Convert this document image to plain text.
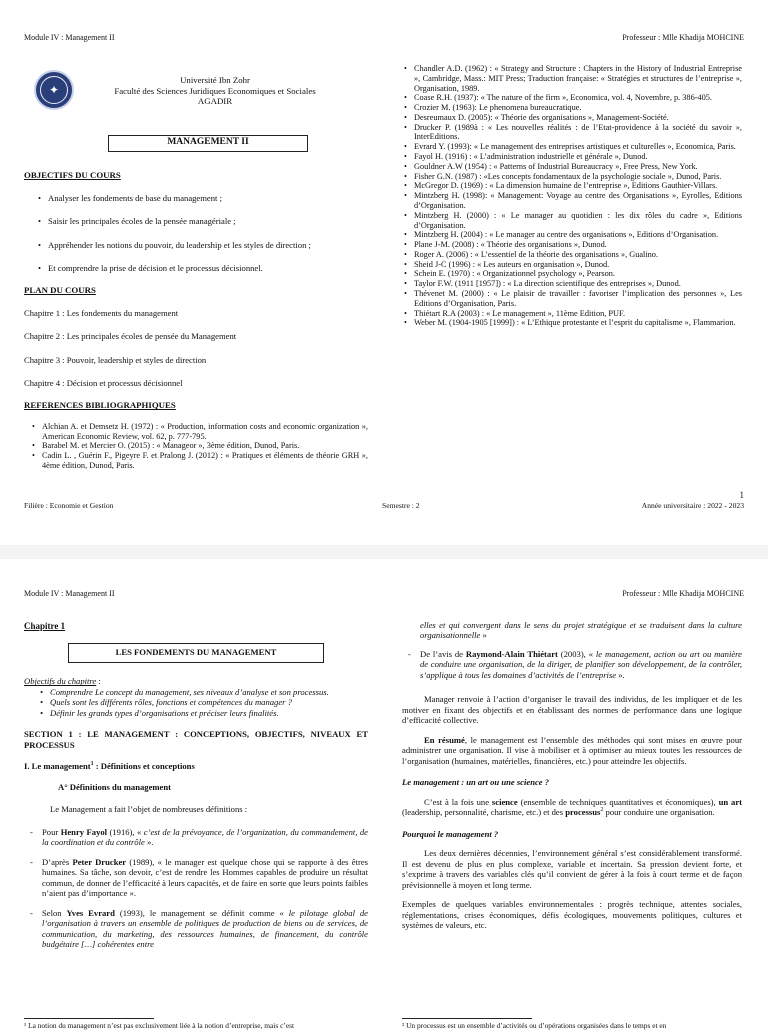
Module IV : Management II	Professeur : Mlle Khadija MOHCINE
✦
Université Ibn Zohr
Faculté des Sciences Juridiques Economiques et Sociales
AGADIR
MANAGEMENT II
OBJECTIFS DU COURS
• Analyser les fondements de base du management ;
• Saisir les principales écoles de la pensée managériale ;
• Appréhender les notions du pouvoir, du leadership et les styles de direction ;
• Et comprendre la prise de décision et le processus décisionnel.
PLAN DU COURS
Chapitre 1 : Les fondements du management
Chapitre 2 : Les principales écoles de pensée du Management
Chapitre 3 : Pouvoir, leadership et styles de direction
Chapitre 4 : Décision et processus décisionnel
REFERENCES BIBLIOGRAPHIQUES
• Alchian A. et Demsetz H. (1972) : « Production, information costs and economic organization », American Economic Review, vol. 62, p. 777-795.
• Barabel M. et Mercier O. (2015) : « Manageor », 3ème édition, Dunod, Paris.
• Cadin L. , Guérin F., Pigeyre F. et Pralong J. (2012) : « Pratiques et éléments de théorie GRH », 4ème édition, Dunod, Paris.
• Chandler A.D. (1962) : « Strategy and Structure : Chapters in the History of Industrial Entreprise », Cambridge, Mass.: MIT Press; Traduction française: « Stratégies et structures de l’entreprise », Organisation, 1989.
• Coase R.H. (1937): « The nature of the firm », Economica, vol. 4, Novembre, p. 386-405.
• Crozier M. (1963): Le phenomena bureaucratique.
• Desreumaux D. (2005): « Théorie des organisations », Management-Société.
• Drucker P. (1989à : « Les nouvelles réalités : de l’Etat-providence à la société du savoir », InterEditions.
• Evrard Y. (1993): « Le management des entreprises artistiques et culturelles », Economica, Paris.
• Fayol H. (1916) : « L’administration industrielle et générale », Dunod.
• Gouldner A.W (1954) : « Patterns of Industrial Bureaucracy », Free Press, New York.
• Fisher G.N. (1987) : «Les concepts fondamentaux de la psychologie sociale », Dunod, Paris.
• McGregor D. (1969) : « La dimension humaine de l’entreprise », Editions Gauthier-Villars.
• Mintzberg H. (1998): « Management: Voyage au centre des Organisations », Eyrolles, Editions d’Organisation.
• Mintzberg H. (2000) : « Le manager au quotidien : les dix rôles du cadre », Editions d’Organisation.
• Mintzberg H. (2004) : « Le manager au centre des organisations », Editions d’Organisation.
• Plane J-M. (2008) : « Théorie des organisations », Dunod.
• Roger A. (2006) : « L’essentiel de la théorie des organisations », Gualino.
• Sheid J-C (1996) : « Les auteurs en organisation », Dunod.
• Schein E. (1970) : « Organizationnel psychology », Pearson.
• Taylor F.W. (1911 [1957]) : « La direction scientifique des entreprises », Dunod.
• Thévenet M. (2000) : « Le plaisir de travailler : favoriser l’implication des personnes », Les Editions d’Organisation, Paris.
• Thiétart R.A (2003) : « Le management », 11ème Edition, PUF.
• Weber M. (1904-1905 [1999]) : « L’Ethique protestante et l’esprit du capitalisme », Flammarion.
1
Filière : Economie et Gestion	Semestre : 2	Année universitaire : 2022 - 2023
Module IV : Management II	Professeur : Mlle Khadija MOHCINE
Chapitre 1
LES FONDEMENTS DU MANAGEMENT
Objectifs du chapitre :
• Comprendre Le concept du management, ses niveaux d’analyse et son processus.
• Quels sont les différents rôles, fonctions et compétences du manager ?
• Définir les grands types d’organisations et préciser leurs finalités.
SECTION 1 : LE MANAGEMENT : CONCEPTIONS, OBJECTIFS, NIVEAUX ET PROCESSUS
I. Le management$^1$ : Définitions et conceptions
A° Définitions du management
Le Management a fait l’objet de nombreuses définitions :
- Pour Henry Fayol (1916), « c’est de la prévoyance, de l’organization, du commandement, de la coordination et du contrôle ».
- D’après Peter Drucker (1989), « le manager est quelque chose qui se rapporte à des êtres humaines. Sa tâche, son devoir, c’est de rendre les Hommes capables de produire un résultat commun, de donner de l’efficacité à leurs capacités, et de faire en sorte que leurs points faibles n’aient pas d’importance ».
- Selon Yves Evrard (1993), le management se définit comme « le pilotage global de l’organisation à travers un ensemble de politiques de production de biens ou de services, de communication, du marketing, des ressources humaines, de financement, du contrôle budgétaire […] cohérentes entre
¹ La notion du management n’est pas exclusivement liée à la notion d’entreprise, mais c’est
elles et qui convergent dans le sens du projet stratégique et se traduisent dans la culture organisationnelle »
- De l’avis de Raymond-Alain Thiétart (2003), « le management, action ou art ou manière de conduire une organisation, de la diriger, de planifier son développement, de la contrôler, s’applique à tous les domaines d’activités de l’entreprise ».

Manager renvoie à l’action d’organiser le travail des individus, de les impliquer et de les motiver en fixant des objectifs et en établissant des normes de performance dans une logique d’efficacité collective.

En résumé, le management est l’ensemble des méthodes qui sont mises en œuvre pour administrer une organisation. Il vise à mobiliser et à optimiser au mieux toutes les ressources de l’organisation (humaines, matérielles, financières, etc.) pour atteindre les objectifs.

Le management : un art ou une science ?

C’est à la fois une science (ensemble de techniques quantitatives et économiques), un art (leadership, personnalité, charisme, etc.) et des processus$^2$ pour conduire une organisation.

Pourquoi le management ?

Les deux dernières décennies, l’environnement général s’est considérablement transformé. Il est devenu de plus en plus complexe, variable et incertain. Sa pression devient forte, et s’exprime à travers des variables clés qu’il convient de gérer à la fois à court terme et de façon prévisionnelle à moyen et long terme.

Exemples de quelques variables environnementales : progrès technique, attentes sociales, réglementations, crises économiques, défis écologiques, mouvements politiques, cultures et systèmes de valeurs, etc.

² Un processus est un ensemble d’activités ou d’opérations organisées dans le temps et en
